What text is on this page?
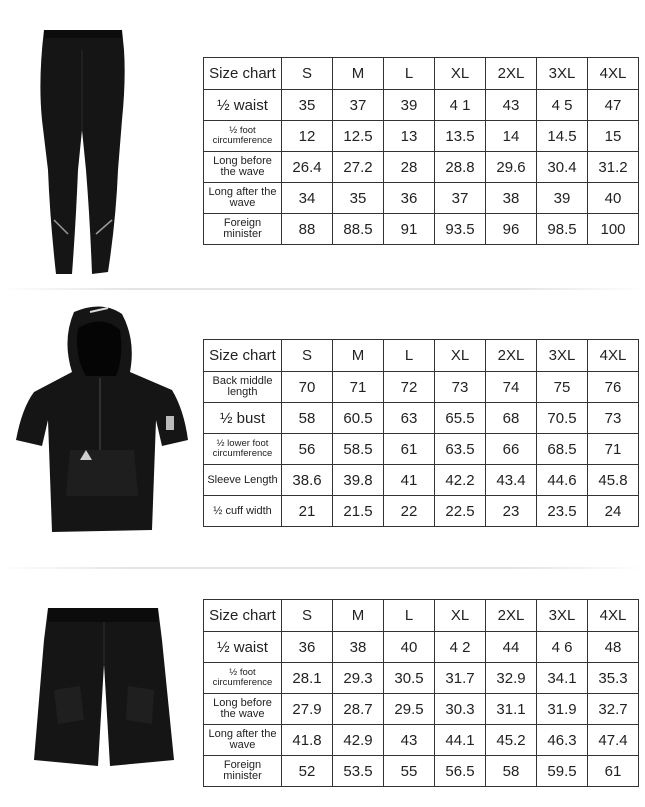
Size chart	S	M	L	XL	2XL	3XL	4XL
½ waist	35	37	39	4 1	43	4 5	47

½ foot circumference	12	12.5	13	13.5	14	14.5	15

Long before the wave	26.4	27.2	28	28.8	29.6	30.4	31.2

Long after the wave	34	35	36	37	38	39	40

Foreign minister	88	88.5	91	93.5	96	98.5	100
Size chart	S	M	L	XL	2XL	3XL	4XL

Back middle length	70	71	72	73	74	75	76
½ bust	58	60.5	63	65.5	68	70.5	73

½ lower foot circumference	56	58.5	61	63.5	66	68.5	71

Sleeve Length	38.6	39.8	41	42.2	43.4	44.6	45.8

½ cuff width	21	21.5	22	22.5	23	23.5	24
Size chart	S	M	L	XL	2XL	3XL	4XL
½ waist	36	38	40	4 2	44	4 6	48

½ foot circumference	28.1	29.3	30.5	31.7	32.9	34.1	35.3

Long before the wave	27.9	28.7	29.5	30.3	31.1	31.9	32.7

Long after the wave	41.8	42.9	43	44.1	45.2	46.3	47.4

Foreign minister	52	53.5	55	56.5	58	59.5	61
